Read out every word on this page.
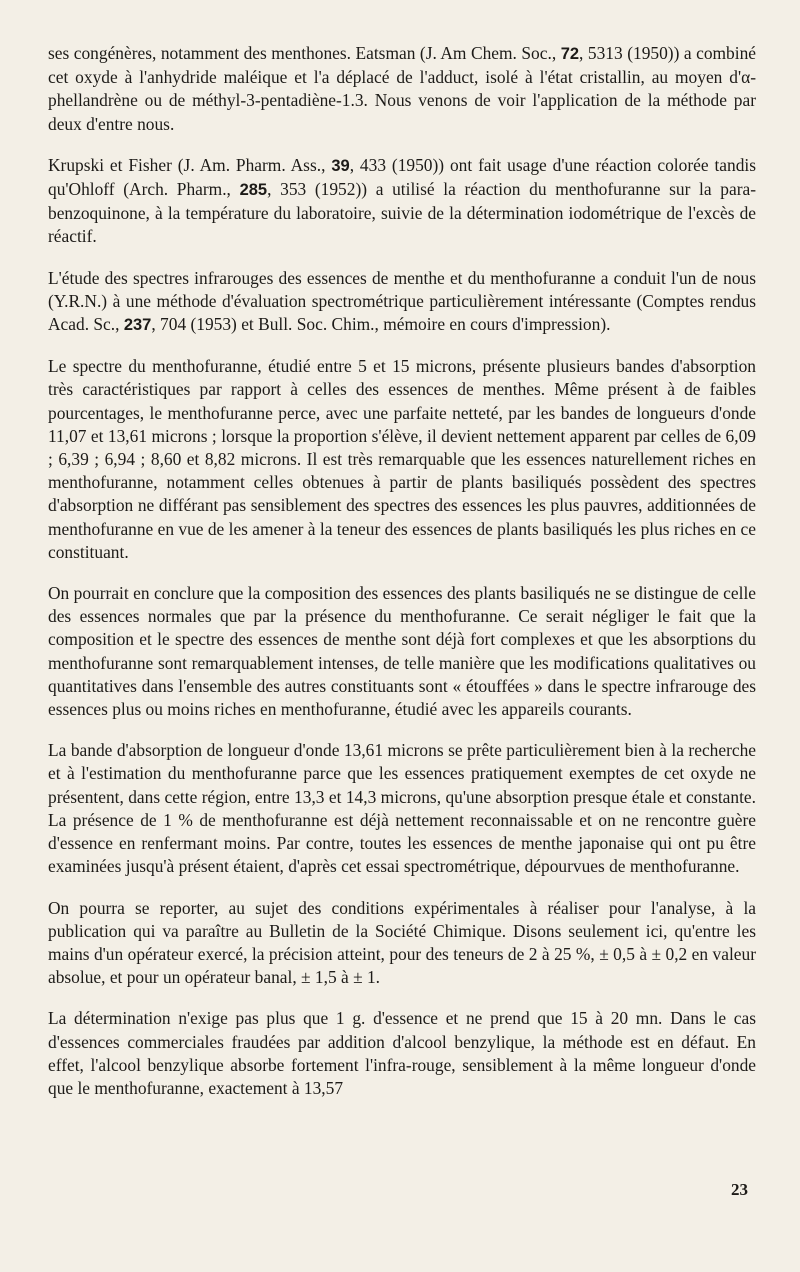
ses congénères, notamment des menthones. Eatsman (J. Am Chem. Soc., 72, 5313 (1950)) a combiné cet oxyde à l'anhydride maléique et l'a déplacé de l'adduct, isolé à l'état cristallin, au moyen d'α-phellandrène ou de méthyl-3-pentadiène-1.3. Nous venons de voir l'application de la méthode par deux d'entre nous.

Krupski et Fisher (J. Am. Pharm. Ass., 39, 433 (1950)) ont fait usage d'une réaction colorée tandis qu'Ohloff (Arch. Pharm., 285, 353 (1952)) a utilisé la réaction du menthofuranne sur la para-benzoquinone, à la température du laboratoire, suivie de la détermination iodométrique de l'excès de réactif.

L'étude des spectres infrarouges des essences de menthe et du menthofuranne a conduit l'un de nous (Y.R.N.) à une méthode d'évaluation spectrométrique particulièrement intéressante (Comptes rendus Acad. Sc., 237, 704 (1953) et Bull. Soc. Chim., mémoire en cours d'impression).

Le spectre du menthofuranne, étudié entre 5 et 15 microns, présente plusieurs bandes d'absorption très caractéristiques par rapport à celles des essences de menthes. Même présent à de faibles pourcentages, le menthofuranne perce, avec une parfaite netteté, par les bandes de longueurs d'onde 11,07 et 13,61 microns ; lorsque la proportion s'élève, il devient nettement apparent par celles de 6,09 ; 6,39 ; 6,94 ; 8,60 et 8,82 microns. Il est très remarquable que les essences naturellement riches en menthofuranne, notamment celles obtenues à partir de plants basiliqués possèdent des spectres d'absorption ne différant pas sensiblement des spectres des essences les plus pauvres, additionnées de menthofuranne en vue de les amener à la teneur des essences de plants basiliqués les plus riches en ce constituant.

On pourrait en conclure que la composition des essences des plants basiliqués ne se distingue de celle des essences normales que par la présence du menthofuranne. Ce serait négliger le fait que la composition et le spectre des essences de menthe sont déjà fort complexes et que les absorptions du menthofuranne sont remarquablement intenses, de telle manière que les modifications qualitatives ou quantitatives dans l'ensemble des autres constituants sont « étouffées » dans le spectre infrarouge des essences plus ou moins riches en menthofuranne, étudié avec les appareils courants.

La bande d'absorption de longueur d'onde 13,61 microns se prête particulièrement bien à la recherche et à l'estimation du menthofuranne parce que les essences pratiquement exemptes de cet oxyde ne présentent, dans cette région, entre 13,3 et 14,3 microns, qu'une absorption presque étale et constante. La présence de 1 % de menthofuranne est déjà nettement reconnaissable et on ne rencontre guère d'essence en renfermant moins. Par contre, toutes les essences de menthe japonaise qui ont pu être examinées jusqu'à présent étaient, d'après cet essai spectrométrique, dépourvues de menthofuranne.

On pourra se reporter, au sujet des conditions expérimentales à réaliser pour l'analyse, à la publication qui va paraître au Bulletin de la Société Chimique. Disons seulement ici, qu'entre les mains d'un opérateur exercé, la précision atteint, pour des teneurs de 2 à 25 %, ± 0,5 à ± 0,2 en valeur absolue, et pour un opérateur banal, ± 1,5 à ± 1.

La détermination n'exige pas plus que 1 g. d'essence et ne prend que 15 à 20 mn. Dans le cas d'essences commerciales fraudées par addition d'alcool benzylique, la méthode est en défaut. En effet, l'alcool benzylique absorbe fortement l'infra-rouge, sensiblement à la même longueur d'onde que le menthofuranne, exactement à 13,57

23
